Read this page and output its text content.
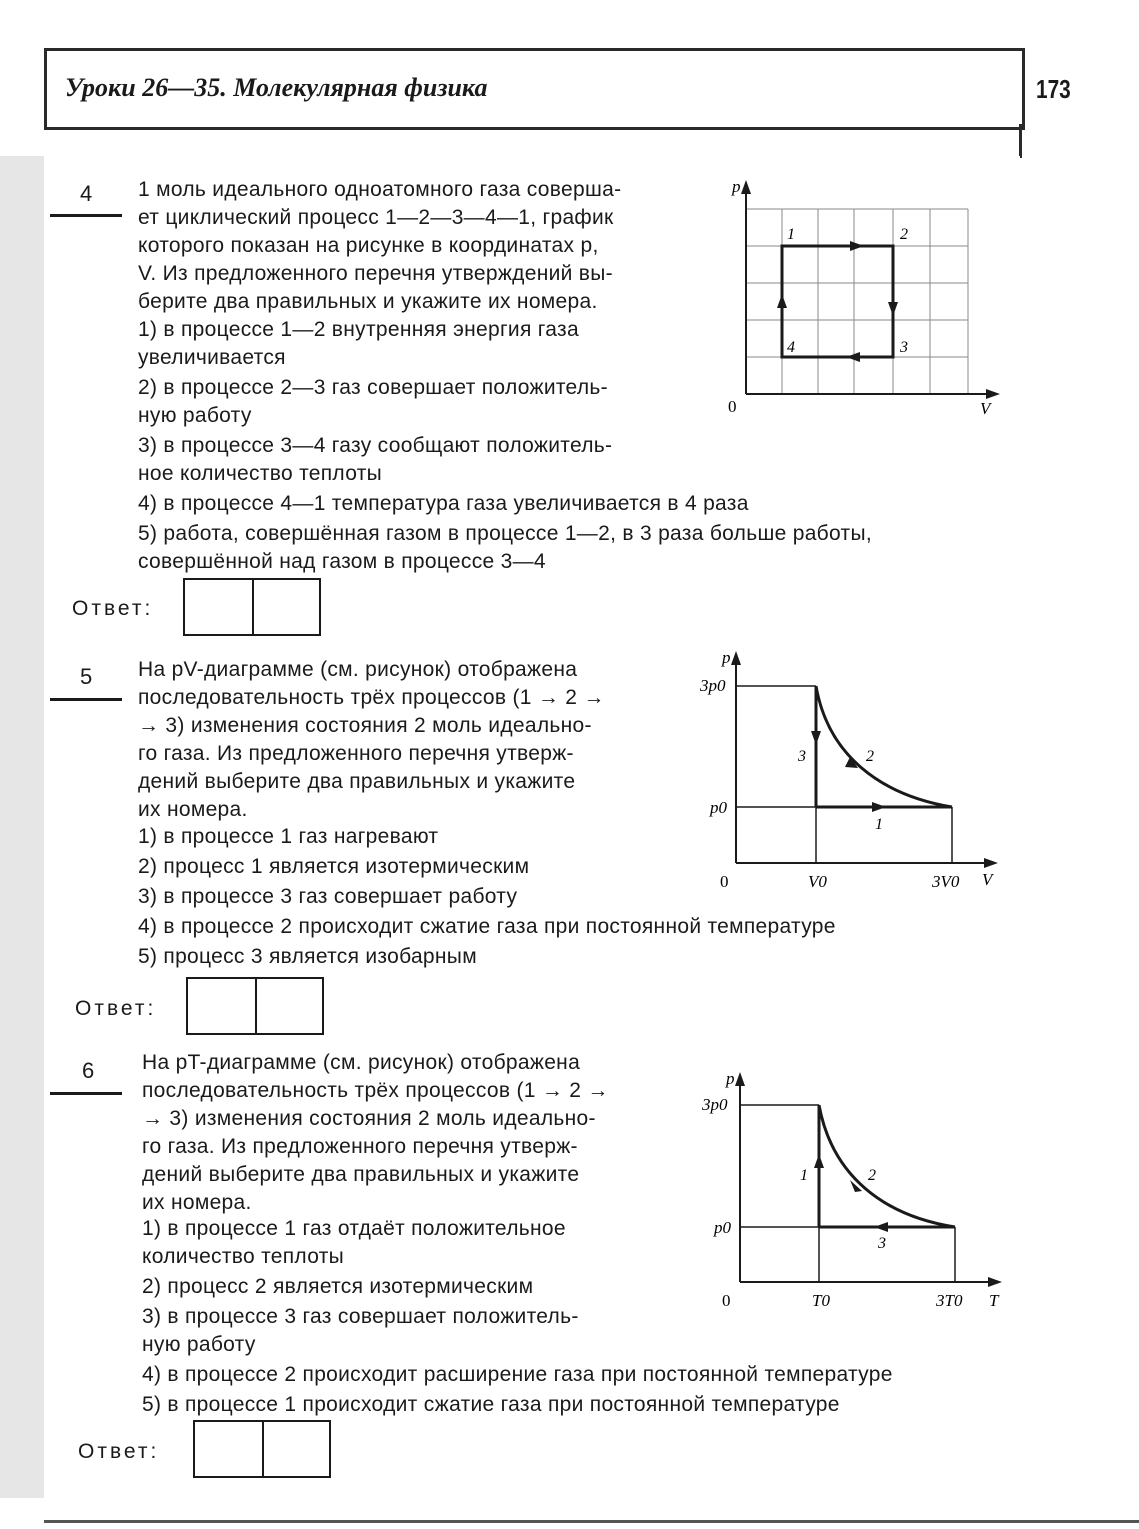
Уроки 26—35. Молекулярная физика	173
4 1 моль идеального одноатомного газа соверша-
ет циклический процесс 1—2—3—4—1, график
которого показан на рисунке в координатах p,
V. Из предложенного перечня утверждений вы-
берите два правильных и укажите их номера.
1) в процессе 1—2 внутренняя энергия газа
увеличивается
2) в процессе 2—3 газ совершает положитель-
ную работу
3) в процессе 3—4 газу сообщают положитель-
ное количество теплоты
4) в процессе 4—1 температура газа увеличивается в 4 раза
5) работа, совершённая газом в процессе 1—2, в 3 раза больше работы,
совершённой над газом в процессе 3—4
p
V
0
1	2
3
4
Ответ:
5 На pV-диаграмме (см. рисунок) отображена
последовательность трёх процессов (1 → 2 →
→ 3) изменения состояния 2 моль идеально-
го газа. Из предложенного перечня утверж-
дений выберите два правильных и укажите
их номера.
1) в процессе 1 газ нагревают
2) процесс 1 является изотермическим
3) в процессе 3 газ совершает работу
4) в процессе 2 происходит сжатие газа при постоянной температуре
5) процесс 3 является изобарным
p
V
0
3p0
p0
V0	3V0
1
2
3
Ответ:
6 На pT-диаграмме (см. рисунок) отображена
последовательность трёх процессов (1 → 2 →
→ 3) изменения состояния 2 моль идеально-
го газа. Из предложенного перечня утверж-
дений выберите два правильных и укажите
их номера.
1) в процессе 1 газ отдаёт положительное
количество теплоты
2) процесс 2 является изотермическим
3) в процессе 3 газ совершает положитель-
ную работу
4) в процессе 2 происходит расширение газа при постоянной температуре
5) в процессе 1 происходит сжатие газа при постоянной температуре
p
T
0
3p0
p0
T0	3T0
1	2
3
Ответ:
